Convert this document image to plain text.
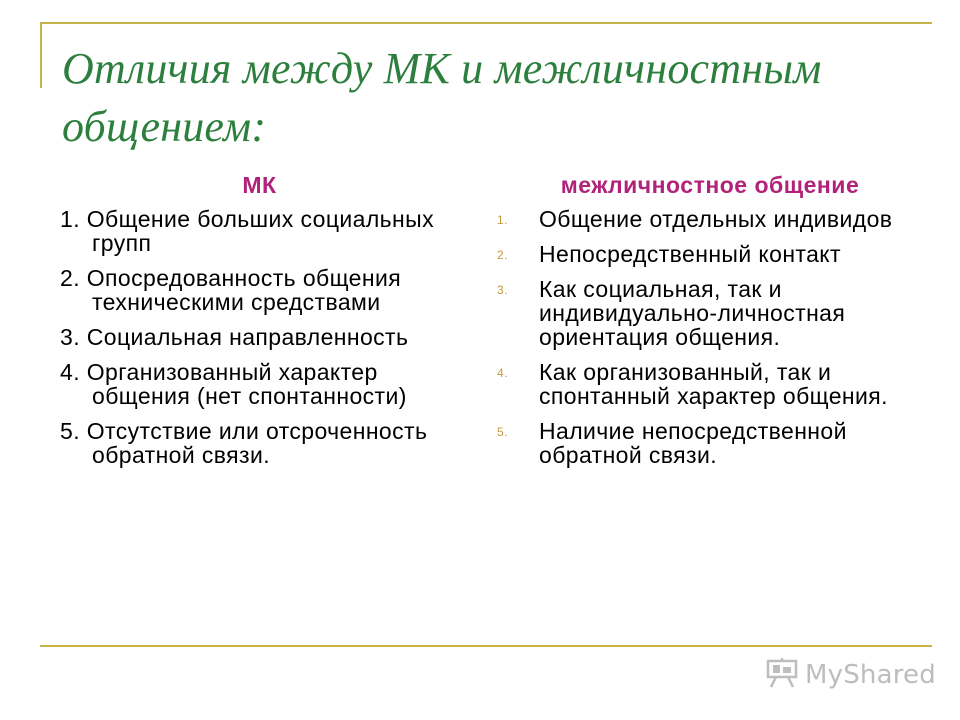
Отличия между МК и межличностным общением:
МК	межличностное общение
1. Общение больших социальных групп
2. Опосредованность общения техническими средствами
3. Социальная направленность
4. Организованный характер общения (нет спонтанности)
5. Отсутствие или отсроченность обратной связи.
1. Общение отдельных индивидов
2. Непосредственный контакт
3. Как социальная, так и индивидуально-личностная ориентация общения.
4. Как организованный, так и спонтанный характер общения.
5. Наличие непосредственной обратной связи.
MyShared
